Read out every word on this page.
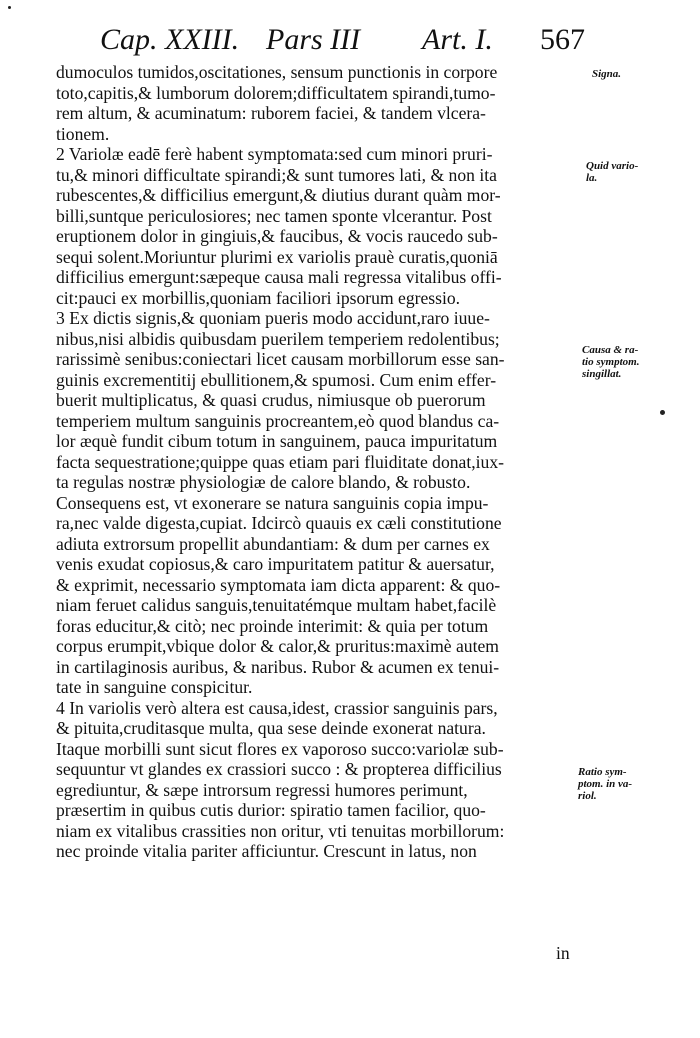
Cap. XXIII. Pars III Art. I. 567
dumoculos tumidos,oscitationes, sensum punctionis in corpore
toto,capitis,& lumborum dolorem;difficultatem spirandi,tumo-
rem altum, & acuminatum: ruborem faciei, & tandem vlcera-
tionem.
2 Variolæ eadē ferè habent symptomata:sed cum minori pruri-
tu,& minori difficultate spirandi;& sunt tumores lati, & non ita
rubescentes,& difficilius emergunt,& diutius durant quàm mor-
billi,suntque periculosiores; nec tamen sponte vlcerantur. Post
eruptionem dolor in gingiuis,& faucibus, & vocis raucedo sub-
sequi solent.Moriuntur plurimi ex variolis prauè curatis,quoniā
difficilius emergunt:sæpeque causa mali regressa vitalibus offi-
cit:pauci ex morbillis,quoniam faciliori ipsorum egressio.
3 Ex dictis signis,& quoniam pueris modo accidunt,raro iuue-
nibus,nisi albidis quibusdam puerilem temperiem redolentibus;
rarissimè senibus:coniectari licet causam morbillorum esse san-
guinis excrementitij ebullitionem,& spumosi. Cum enim effer-
buerit multiplicatus, & quasi crudus, nimiusque ob puerorum
temperiem multum sanguinis procreantem,eò quod blandus ca-
lor æquè fundit cibum totum in sanguinem, pauca impuritatum
facta sequestratione;quippe quas etiam pari fluiditate donat,iux-
ta regulas nostræ physiologiæ de calore blando, & robusto.
Consequens est, vt exonerare se natura sanguinis copia impu-
ra,nec valde digesta,cupiat. Idcircò quauis ex cæli constitutione
adiuta extrorsum propellit abundantiam: & dum per carnes ex
venis exudat copiosus,& caro impuritatem patitur & auersatur,
& exprimit, necessario symptomata iam dicta apparent: & quo-
niam feruet calidus sanguis,tenuitatémque multam habet,facilè
foras educitur,& citò; nec proinde interimit: & quia per totum
corpus erumpit,vbique dolor & calor,& pruritus:maximè autem
in cartilaginosis auribus, & naribus. Rubor & acumen ex tenui-
tate in sanguine conspicitur.
4 In variolis verò altera est causa,idest, crassior sanguinis pars,
& pituita,cruditasque multa, qua sese deinde exonerat natura.
Itaque morbilli sunt sicut flores ex vaporoso succo:variolæ sub-
sequuntur vt glandes ex crassiori succo : & propterea difficilius
egrediuntur, & sæpe introrsum regressi humores perimunt,
præsertim in quibus cutis durior: spiratio tamen facilior, quo-
niam ex vitalibus crassities non oritur, vti tenuitas morbillorum:
nec proinde vitalia pariter afficiuntur. Crescunt in latus, non
in
Signa.
Quid vario-
la.
Causa & ra-
tio symptom.
singillat.
Ratio sym-
ptom. in va-
riol.
